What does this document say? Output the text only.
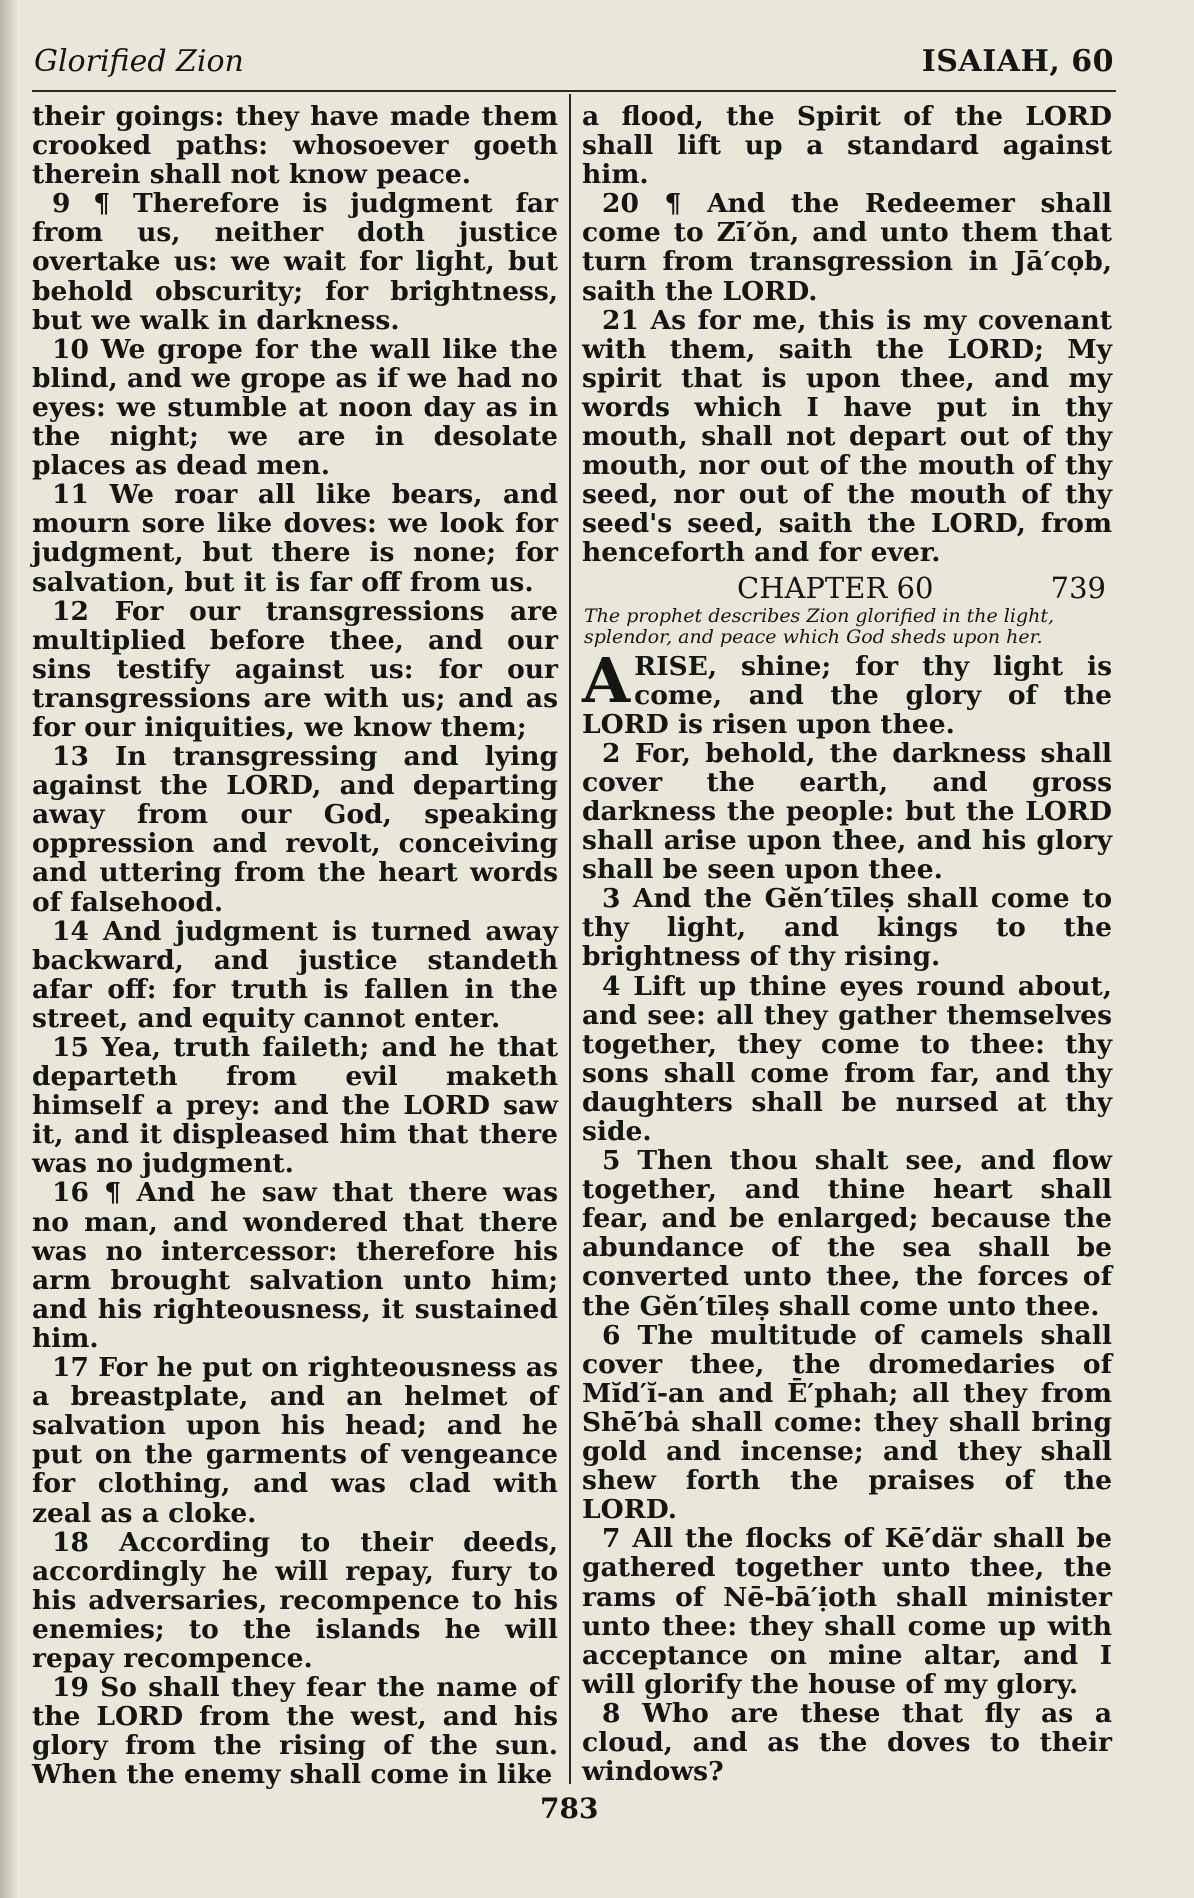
Glorified Zion	ISAIAH, 60

their goings: they have made them crooked paths: whosoever goeth therein shall not know peace.

9 ¶ Therefore is judgment far from us, neither doth justice overtake us: we wait for light, but behold obscurity; for brightness, but we walk in darkness.

10 We grope for the wall like the blind, and we grope as if we had no eyes: we stumble at noon day as in the night; we are in desolate places as dead men.

11 We roar all like bears, and mourn sore like doves: we look for judgment, but there is none; for salvation, but it is far off from us.

12 For our transgressions are multiplied before thee, and our sins testify against us: for our transgressions are with us; and as for our iniquities, we know them;

13 In transgressing and lying against the LORD, and departing away from our God, speaking oppression and revolt, conceiving and uttering from the heart words of falsehood.

14 And judgment is turned away backward, and justice standeth afar off: for truth is fallen in the street, and equity cannot enter.

15 Yea, truth faileth; and he that departeth from evil maketh himself a prey: and the LORD saw it, and it displeased him that there was no judgment.

16 ¶ And he saw that there was no man, and wondered that there was no intercessor: therefore his arm brought salvation unto him; and his righteousness, it sustained him.

17 For he put on righteousness as a breastplate, and an helmet of salvation upon his head; and he put on the garments of vengeance for clothing, and was clad with zeal as a cloke.

18 According to their deeds, accordingly he will repay, fury to his adversaries, recompence to his enemies; to the islands he will repay recompence.

19 So shall they fear the name of the LORD from the west, and his glory from the rising of the sun. When the enemy shall come in like

a flood, the Spirit of the LORD shall lift up a standard against him.

20 ¶ And the Redeemer shall come to Zī′ŏn, and unto them that turn from transgression in Jā′cọb, saith the LORD.

21 As for me, this is my covenant with them, saith the LORD; My spirit that is upon thee, and my words which I have put in thy mouth, shall not depart out of thy mouth, nor out of the mouth of thy seed, nor out of the mouth of thy seed's seed, saith the LORD, from henceforth and for ever.

CHAPTER 60	739
The prophet describes Zion glorified in the light, splendor, and peace which God sheds upon her.

ARISE, shine; for thy light is come, and the glory of the LORD is risen upon thee.

2 For, behold, the darkness shall cover the earth, and gross darkness the people: but the LORD shall arise upon thee, and his glory shall be seen upon thee.

3 And the Gĕn′tīleṣ shall come to thy light, and kings to the brightness of thy rising.

4 Lift up thine eyes round about, and see: all they gather themselves together, they come to thee: thy sons shall come from far, and thy daughters shall be nursed at thy side.

5 Then thou shalt see, and flow together, and thine heart shall fear, and be enlarged; because the abundance of the sea shall be converted unto thee, the forces of the Gĕn′tīleṣ shall come unto thee.

6 The multitude of camels shall cover thee, the dromedaries of Mĭd′ĭ-an and Ē′phah; all they from Shē′bȧ shall come: they shall bring gold and incense; and they shall shew forth the praises of the LORD.

7 All the flocks of Kē′där shall be gathered together unto thee, the rams of Nē-bā′ịoth shall minister unto thee: they shall come up with acceptance on mine altar, and I will glorify the house of my glory.

8 Who are these that fly as a cloud, and as the doves to their windows?

783
